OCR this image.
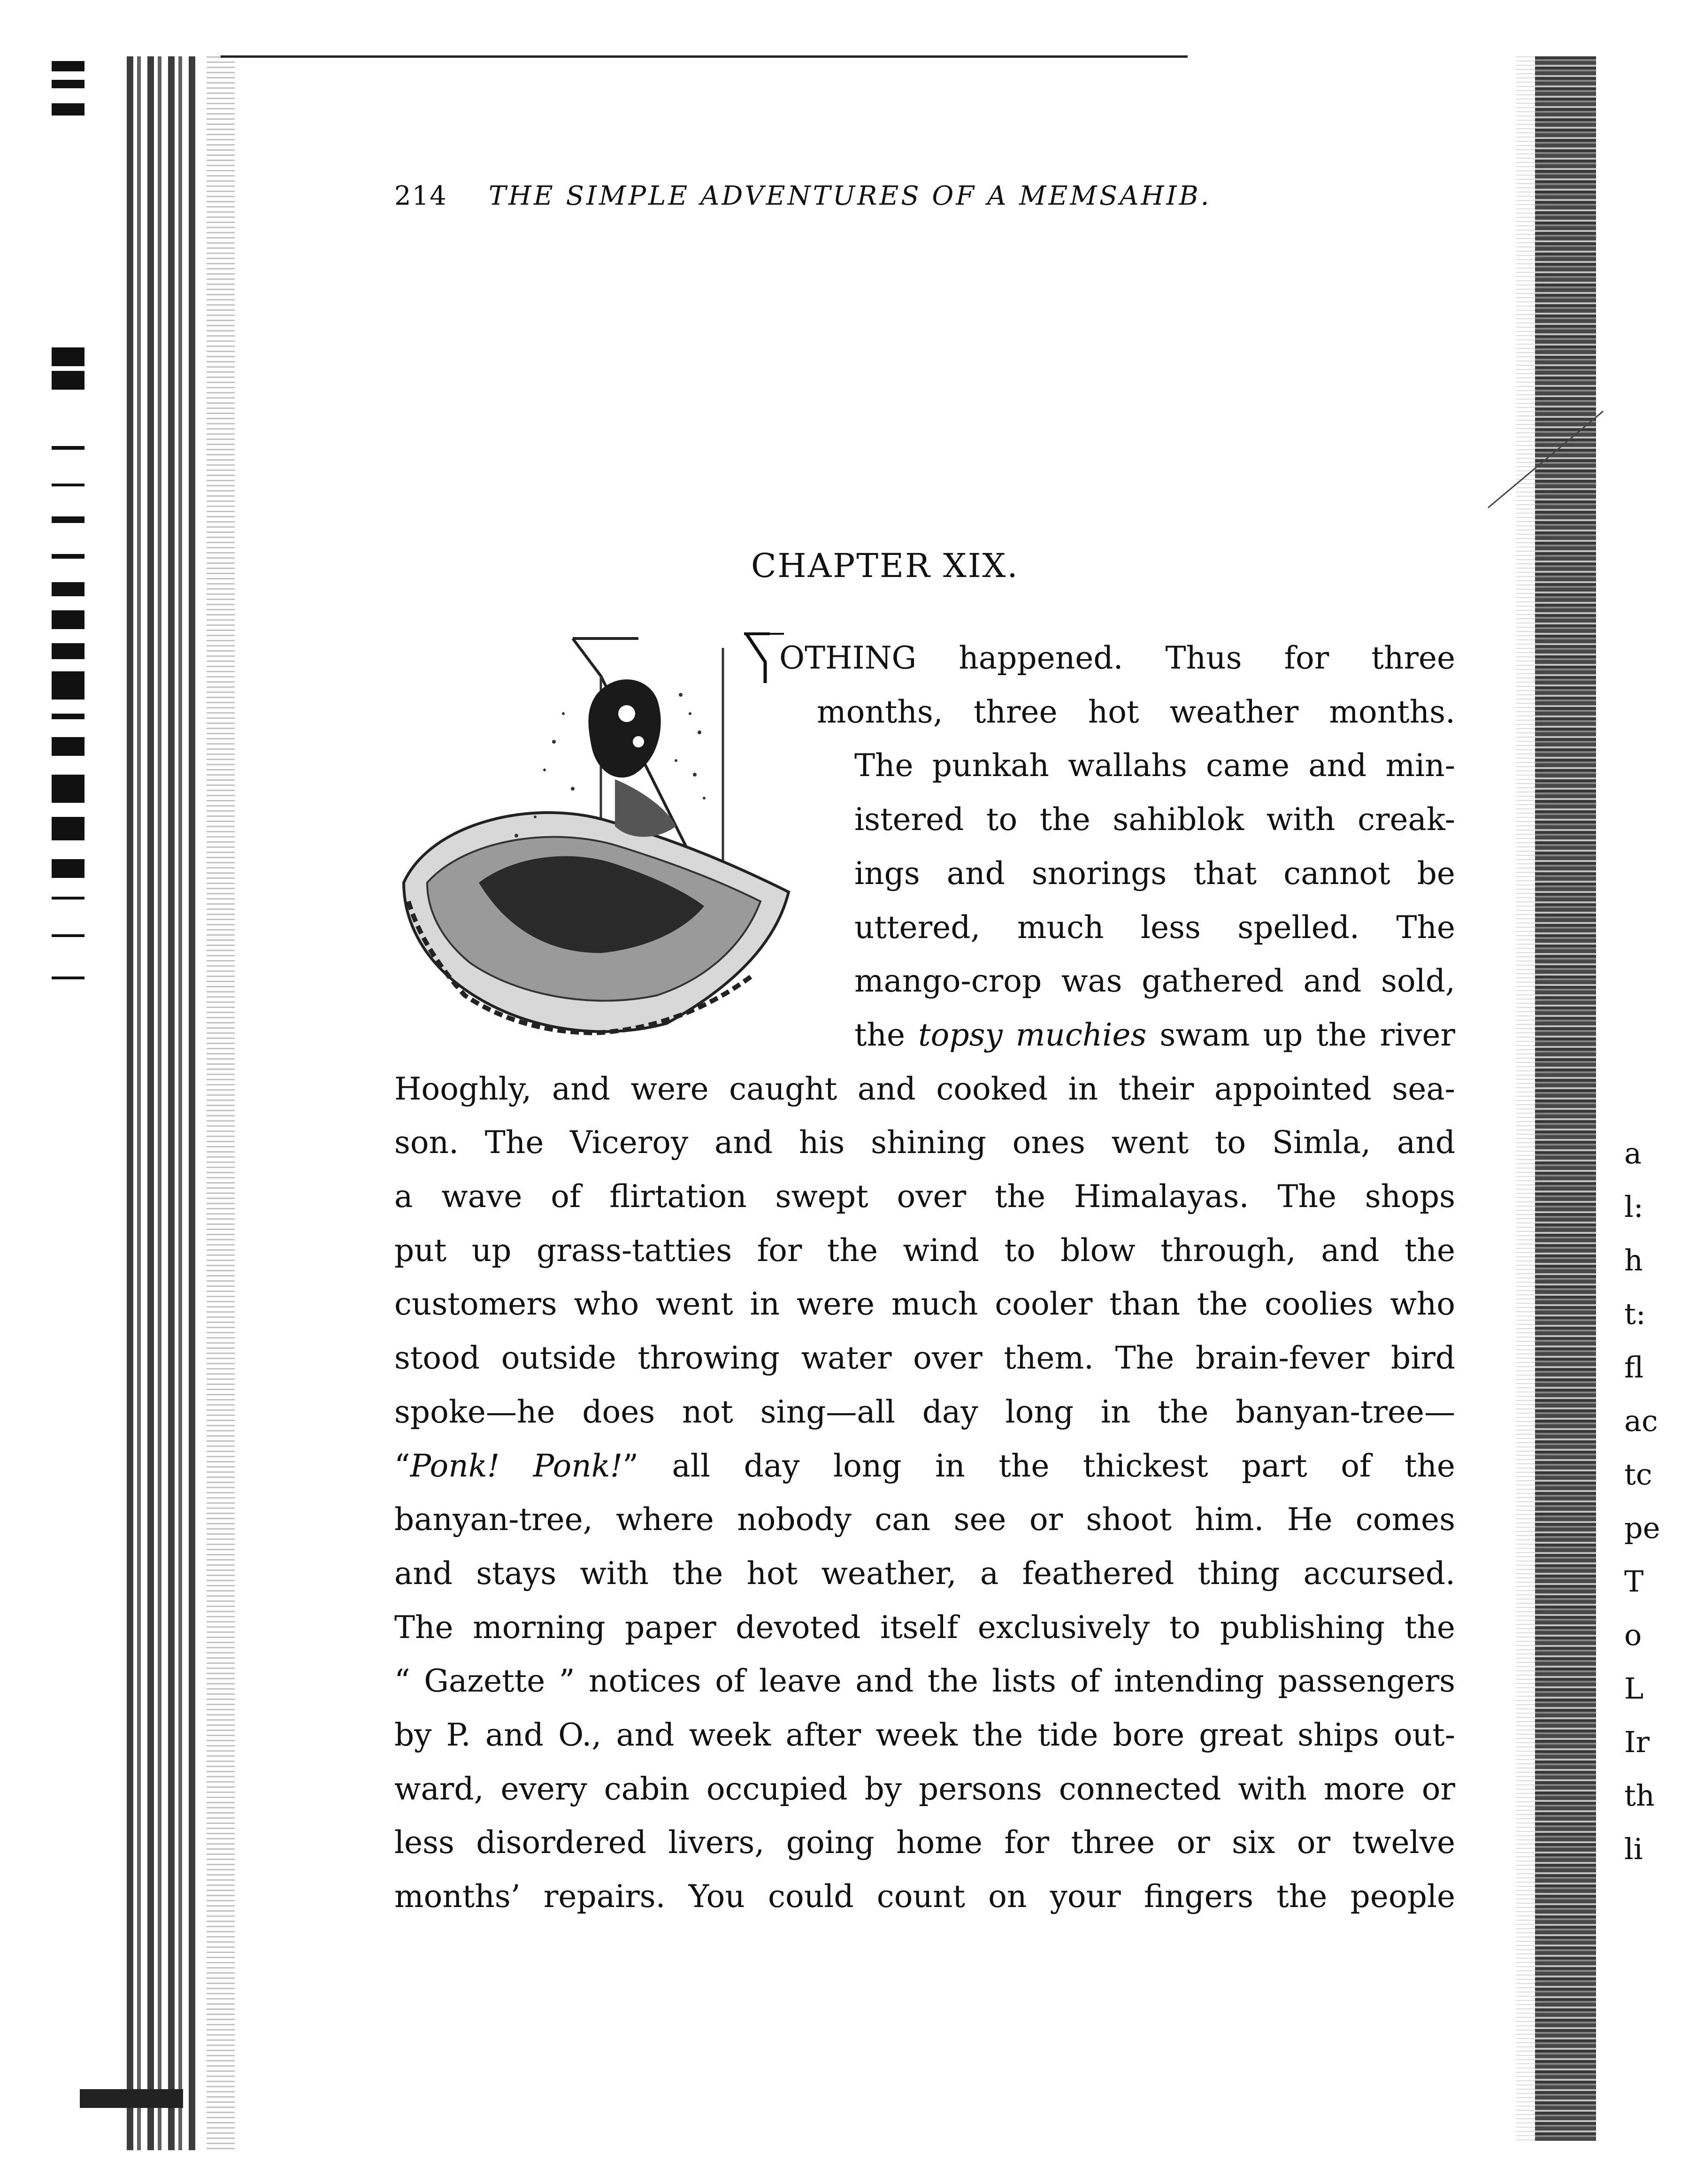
a
l:
h
t:
fl
ac
tc
pe
T
o
L
Ir
th
li
214 THE SIMPLE ADVENTURES OF A MEMSAHIB.
CHAPTER XIX.
OTHING happened. Thus for three
months, three hot weather months.
The punkah wallahs came and min-
istered to the sahiblok with creak-
ings and snorings that cannot be
uttered, much less spelled. The
mango-crop was gathered and sold,
the topsy muchies swam up the river
Hooghly, and were caught and cooked in their appointed sea-
son. The Viceroy and his shining ones went to Simla, and
a wave of flirtation swept over the Himalayas. The shops
put up grass-tatties for the wind to blow through, and the
customers who went in were much cooler than the coolies who
stood outside throwing water over them. The brain-fever bird
spoke—he does not sing—all day long in the banyan-tree—
“Ponk! Ponk!” all day long in the thickest part of the
banyan-tree, where nobody can see or shoot him. He comes
and stays with the hot weather, a feathered thing accursed.
The morning paper devoted itself exclusively to publishing the
“ Gazette ” notices of leave and the lists of intending passengers
by P. and O., and week after week the tide bore great ships out-
ward, every cabin occupied by persons connected with more or
less disordered livers, going home for three or six or twelve
months’ repairs. You could count on your fingers the people
